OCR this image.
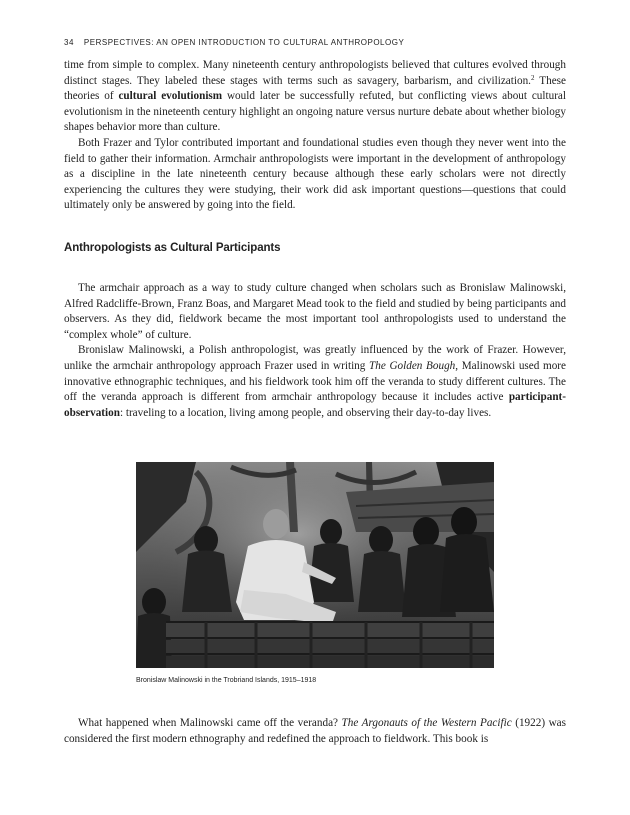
34 PERSPECTIVES: AN OPEN INTRODUCTION TO CULTURAL ANTHROPOLOGY

time from simple to complex. Many nineteenth century anthropologists believed that cultures evolved through distinct stages. They labeled these stages with terms such as savagery, barbarism, and civilization.$^2$ These theories of cultural evolutionism would later be successfully refuted, but conflicting views about cultural evolutionism in the nineteenth century highlight an ongoing nature versus nurture debate about whether biology shapes behavior more than culture.

Both Frazer and Tylor contributed important and foundational studies even though they never went into the field to gather their information. Armchair anthropologists were important in the development of anthropology as a discipline in the late nineteenth century because although these early scholars were not directly experiencing the cultures they were studying, their work did ask important questions—questions that could ultimately only be answered by going into the field.

Anthropologists as Cultural Participants

The armchair approach as a way to study culture changed when scholars such as Bronislaw Malinowski, Alfred Radcliffe-Brown, Franz Boas, and Margaret Mead took to the field and studied by being participants and observers. As they did, fieldwork became the most important tool anthropologists used to understand the “complex whole” of culture.

Bronislaw Malinowski, a Polish anthropologist, was greatly influenced by the work of Frazer. However, unlike the armchair anthropology approach Frazer used in writing The Golden Bough, Malinowski used more innovative ethnographic techniques, and his fieldwork took him off the veranda to study different cultures. The off the veranda approach is different from armchair anthropology because it includes active participant-observation: traveling to a location, living among people, and observing their day-to-day lives.

Bronislaw Malinowski in the Trobriand Islands, 1915–1918

What happened when Malinowski came off the veranda? The Argonauts of the Western Pacific (1922) was considered the first modern ethnography and redefined the approach to fieldwork. This book is
